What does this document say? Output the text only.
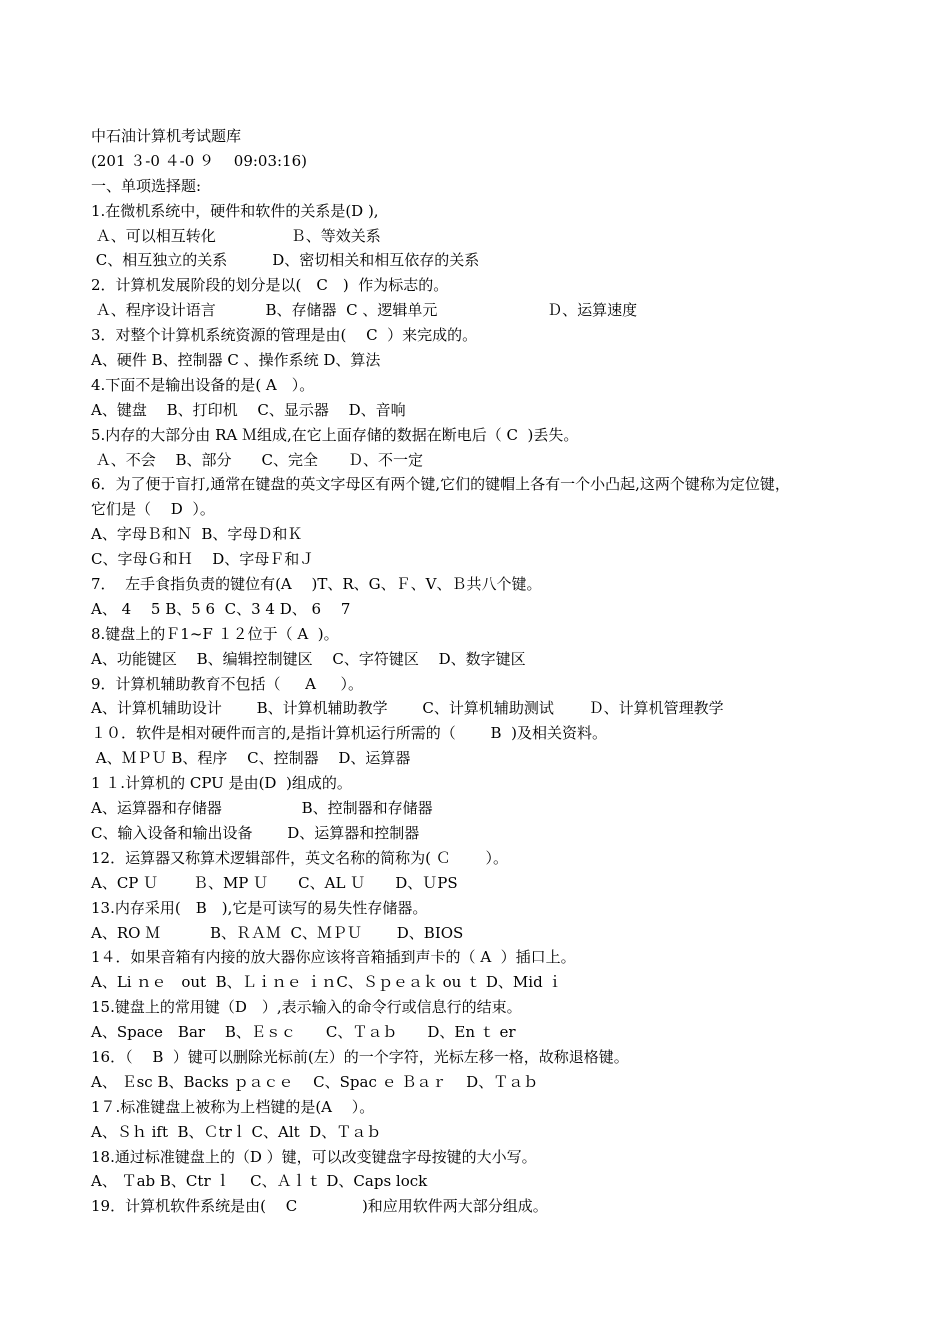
中石油计算机考试题库
(201 ３-0 ４-0 ９　 09:03:16)
一、单项选择题:
1.在微机系统中，硬件和软件的关系是(D ),
Ａ、可以相互转化　　　　　Ｂ、等效关系
C、相互独立的关系　　　D、密切相关和相互依存的关系
2．计算机发展阶段的划分是以(　C　)  作为标志的。
Ａ、程序设计语言　　　 B、存储器  C 、逻辑单元　　　　　　　 Ｄ、运算速度
3．对整个计算机系统资源的管理是由(　 C  ）来完成的。
A、硬件 B、控制器 C 、操作系统 D、算法
4.下面不是输出设备的是( A　）。
A、键盘　 B、打印机　 C、显示器　 D、音响
5.内存的大部分由 RA Ｍ组成,在它上面存储的数据在断电后（ C  )丢失。
Ａ、不会　 B、部分　　C、完全　　Ｄ、不一定
6．为了便于盲打,通常在键盘的英文字母区有两个键,它们的键帽上各有一个小凸起,这两个键称为定位键，
它们是（　 D  ）。
A、字母Ｂ和Ｎ  B、字母Ｄ和Ｋ
C、字母Ｇ和Ｈ　 D、字母Ｆ和Ｊ
7．  左手食指负责的键位有(A　 )T、R、G、Ｆ、V、Ｂ共八个键。
A、 4　 5 B、5 6  C、3 4 D、 6　 7
8.键盘上的Ｆ1~F １２位于（ A  )。
A、功能键区　 B、编辑控制键区　 C、字符键区　 D、数字键区
9．计算机辅助教育不包括（　  A　  ）。
A、计算机辅助设计　　 B、计算机辅助教学　　 C、计算机辅助测试　　 Ｄ、计算机管理教学
１０．软件是相对硬件而言的,是指计算机运行所需的（　　 B  )及相关资料。
A、ＭＰＵ B、程序　 C、控制器　 D、运算器
1 １.计算机的 CPU 是由(D  )组成的。
A、运算器和存储器　　　　　 B、控制器和存储器
C、输入设备和输出设备　　 D、运算器和控制器
12．运算器又称算术逻辑部件，英文名称的简称为( Ｃ　　 ）。
A、CP Ｕ　　 Ｂ、MP Ｕ　　C、AL Ｕ　　D、ＵPS
13.内存采用(　B　),它是可读写的易失性存储器。
A、RO Ｍ　　　 B、ＲＡＭ  C、ＭＰＵ　　 D、BIOS
1４．如果音箱有内接的放大器你应该将音箱插到声卡的（ A  ）插口上。
A、Li ｎｅ　out  B、Ｌｉｎｅ ｉｎC、Ｓｐｅａｋ ou ｔ D、Mid ｉ
15.键盘上的常用键（D　）,表示输入的命令行或信息行的结束。
A、Space　Bar　 B、Ｅｓｃ　　C、Ｔａｂ　　D、En ｔ er
16．（　 B  ）键可以删除光标前(左）的一个字符，光标左移一格，故称退格键。
A、 Ｅsc B、Backs ｐａｃｅ　 C、Spac ｅ Ｂａｒ　 D、Ｔａｂ
1７.标准键盘上被称为上档键的是(A　 ）。
A、Ｓｈ ift  B、Ｃtrｌ C、Alt  D、Ｔａｂ
18.通过标准键盘上的（D ）键，可以改变键盘字母按键的大小写。
A、 Ｔab B、Ctr ｌ　 C、Ａｌｔ D、Caps lock
19．计算机软件系统是由(　 C　　　　 )和应用软件两大部分组成。
